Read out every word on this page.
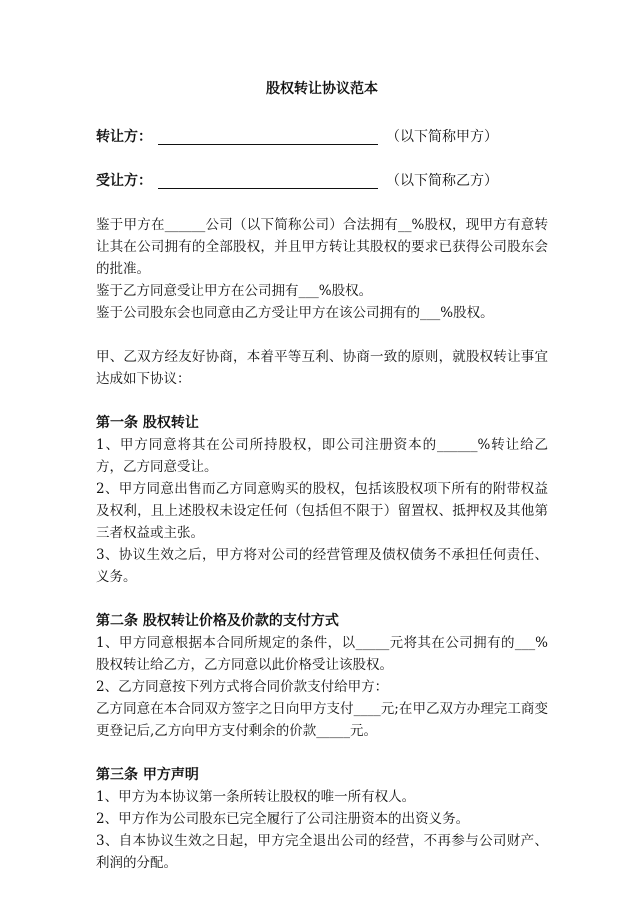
股权转让协议范本
转让方：	（以下简称甲方）
受让方：	（以下简称乙方）

鉴于甲方在______公司（以下简称公司）合法拥有__%股权，现甲方有意转让其在公司拥有的全部股权，并且甲方转让其股权的要求已获得公司股东会的批准。

鉴于乙方同意受让甲方在公司拥有___%股权。

鉴于公司股东会也同意由乙方受让甲方在该公司拥有的___%股权。

甲、乙双方经友好协商，本着平等互利、协商一致的原则，就股权转让事宜达成如下协议：

第一条 股权转让

1、甲方同意将其在公司所持股权，即公司注册资本的______%转让给乙方，乙方同意受让。

2、甲方同意出售而乙方同意购买的股权，包括该股权项下所有的附带权益及权利，且上述股权未设定任何（包括但不限于）留置权、抵押权及其他第三者权益或主张。

3、协议生效之后，甲方将对公司的经营管理及债权债务不承担任何责任、义务。

第二条 股权转让价格及价款的支付方式

1、甲方同意根据本合同所规定的条件，以_____元将其在公司拥有的___%股权转让给乙方，乙方同意以此价格受让该股权。

2、乙方同意按下列方式将合同价款支付给甲方：

乙方同意在本合同双方签字之日向甲方支付____元;在甲乙双方办理完工商变更登记后,乙方向甲方支付剩余的价款_____元。

第三条 甲方声明

1、甲方为本协议第一条所转让股权的唯一所有权人。

2、甲方作为公司股东已完全履行了公司注册资本的出资义务。

3、自本协议生效之日起，甲方完全退出公司的经营，不再参与公司财产、利润的分配。
